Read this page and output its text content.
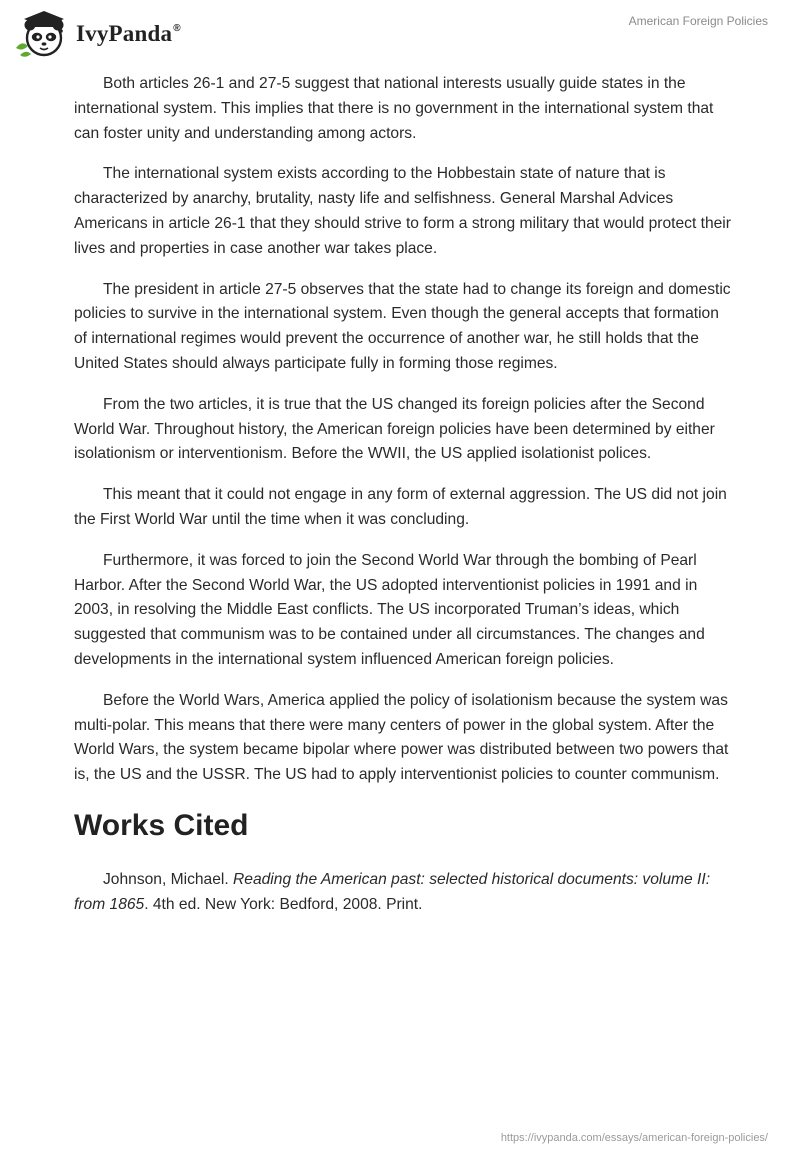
IvyPanda®
American Foreign Policies

Both articles 26-1 and 27-5 suggest that national interests usually guide states in the international system. This implies that there is no government in the international system that can foster unity and understanding among actors.

The international system exists according to the Hobbestain state of nature that is characterized by anarchy, brutality, nasty life and selfishness. General Marshal Advices Americans in article 26-1 that they should strive to form a strong military that would protect their lives and properties in case another war takes place.

The president in article 27-5 observes that the state had to change its foreign and domestic policies to survive in the international system. Even though the general accepts that formation of international regimes would prevent the occurrence of another war, he still holds that the United States should always participate fully in forming those regimes.

From the two articles, it is true that the US changed its foreign policies after the Second World War. Throughout history, the American foreign policies have been determined by either isolationism or interventionism. Before the WWII, the US applied isolationist polices.

This meant that it could not engage in any form of external aggression. The US did not join the First World War until the time when it was concluding.

Furthermore, it was forced to join the Second World War through the bombing of Pearl Harbor. After the Second World War, the US adopted interventionist policies in 1991 and in 2003, in resolving the Middle East conflicts. The US incorporated Truman’s ideas, which suggested that communism was to be contained under all circumstances. The changes and developments in the international system influenced American foreign policies.

Before the World Wars, America applied the policy of isolationism because the system was multi-polar. This means that there were many centers of power in the global system. After the World Wars, the system became bipolar where power was distributed between two powers that is, the US and the USSR. The US had to apply interventionist policies to counter communism.

Works Cited

Johnson, Michael. Reading the American past: selected historical documents: volume II: from 1865. 4th ed. New York: Bedford, 2008. Print.

https://ivypanda.com/essays/american-foreign-policies/
